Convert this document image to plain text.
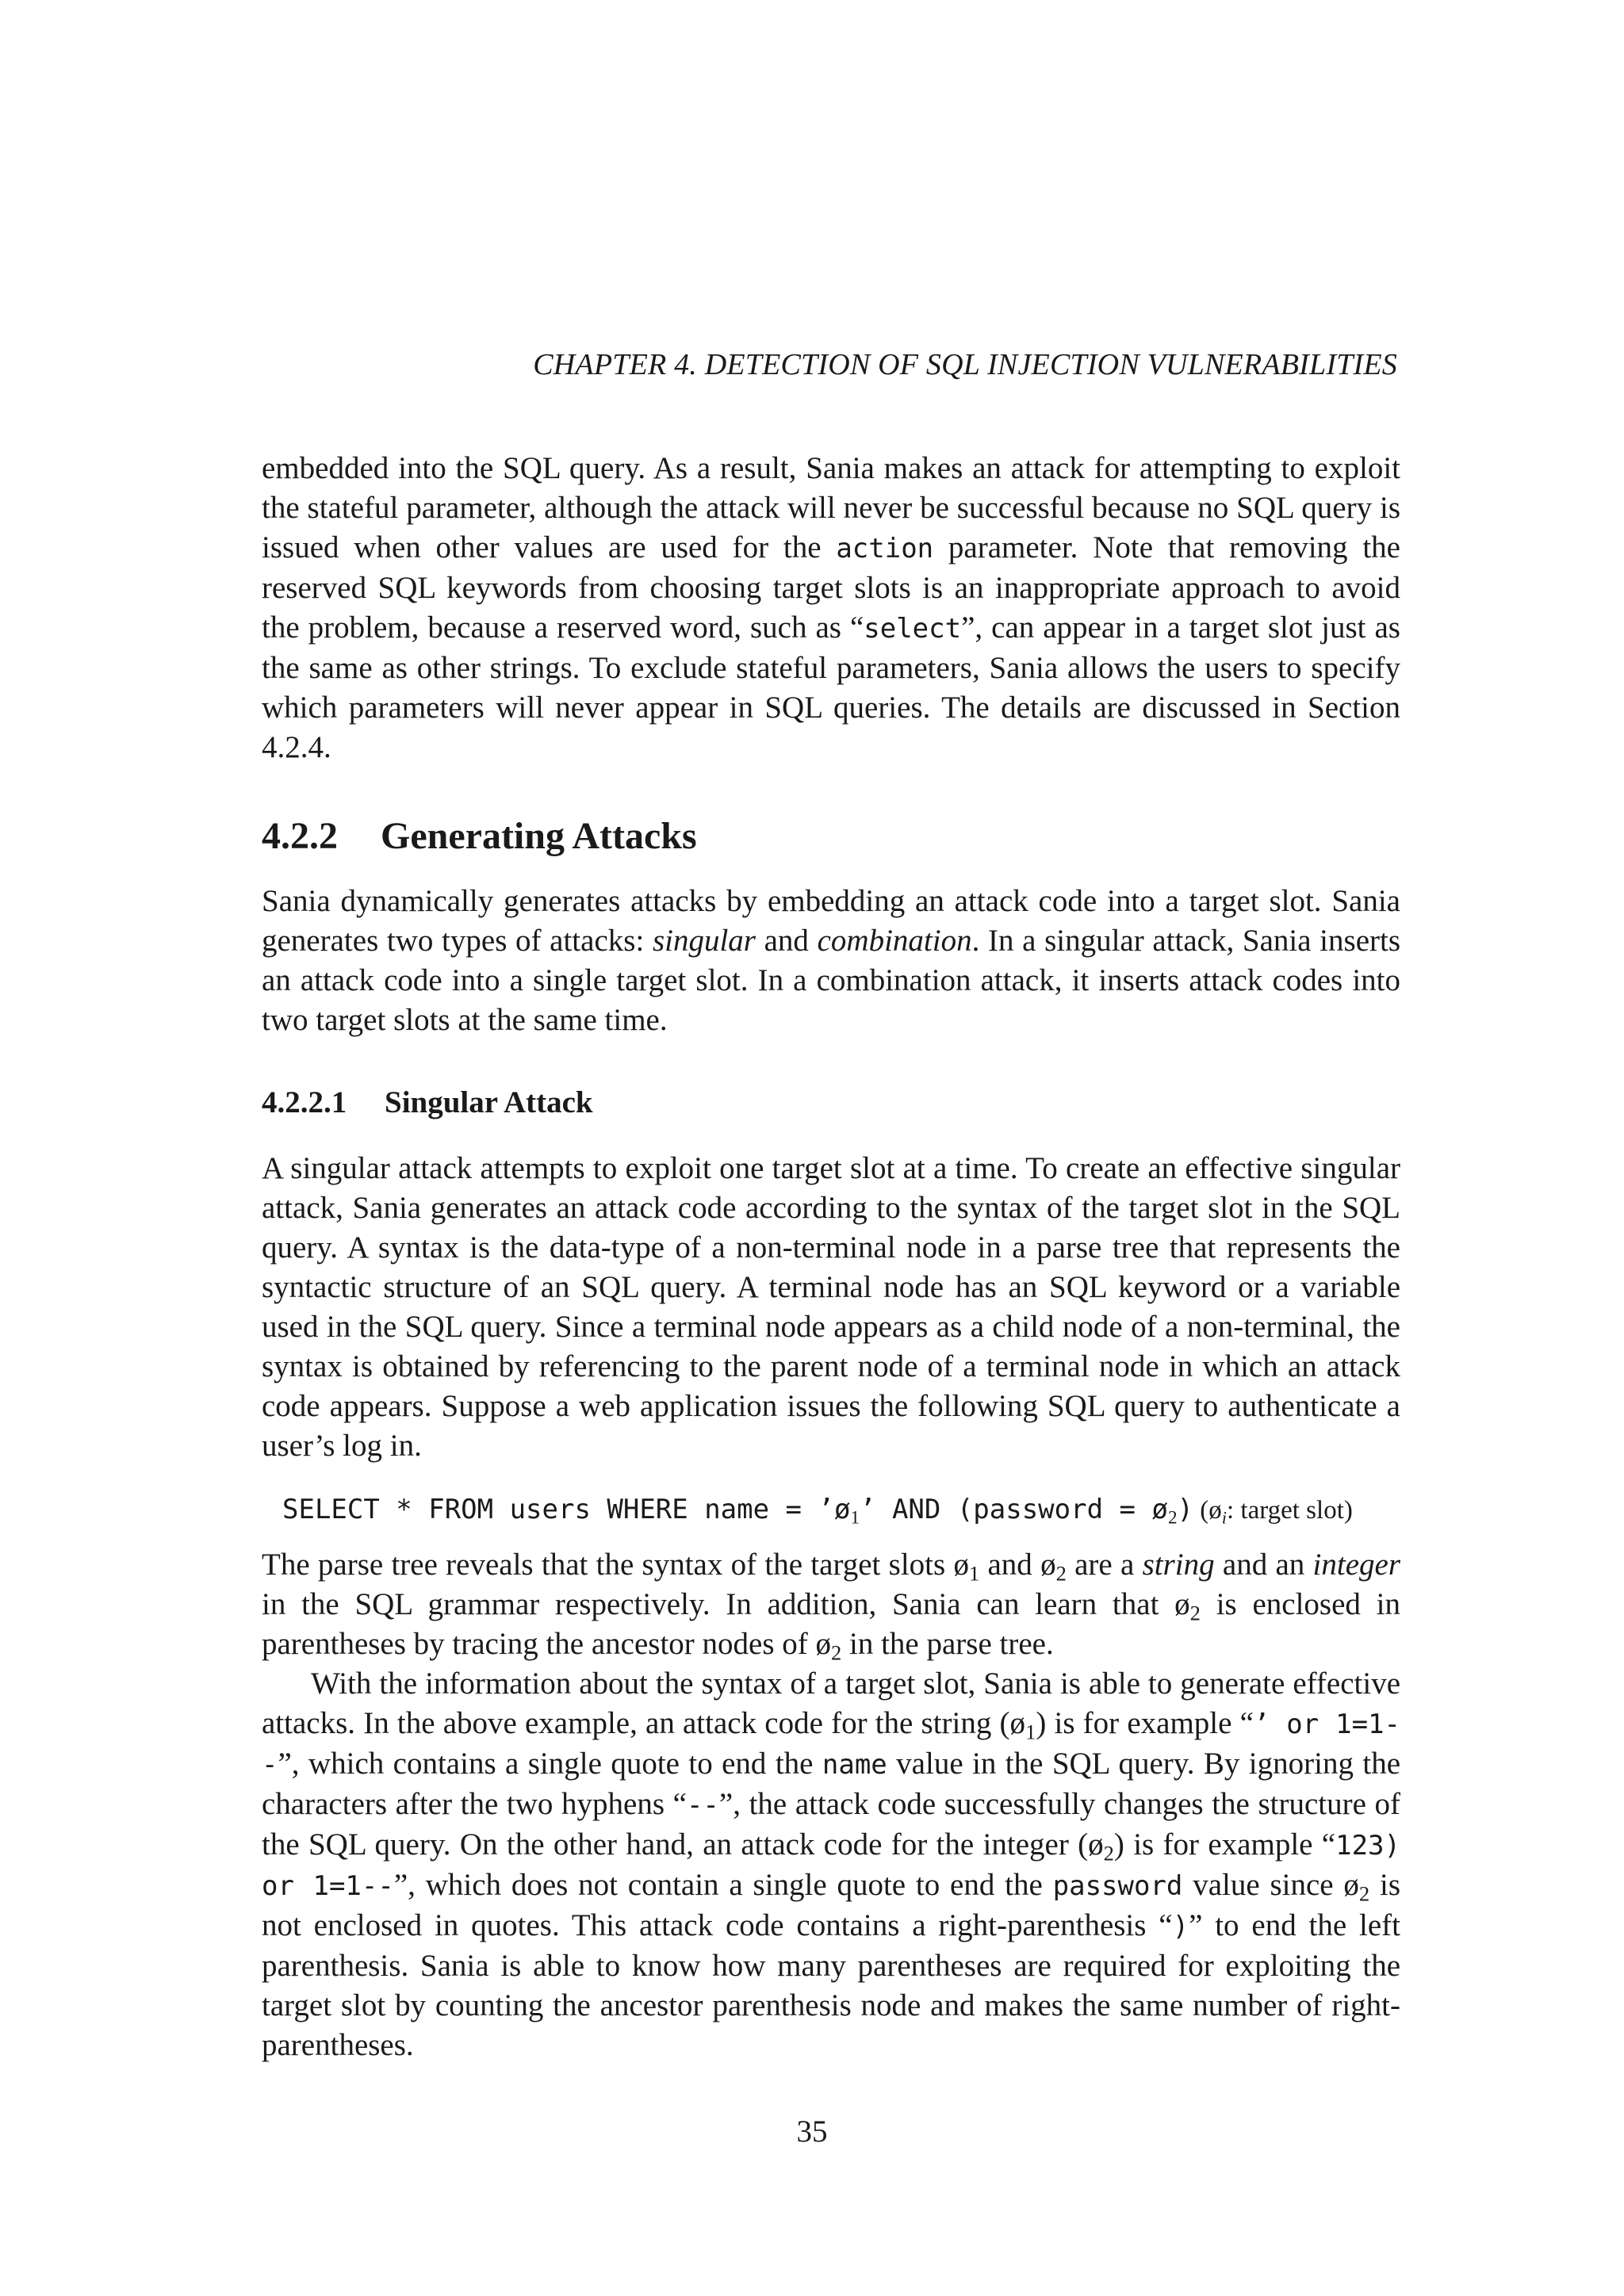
CHAPTER 4. DETECTION OF SQL INJECTION VULNERABILITIES

embedded into the SQL query. As a result, Sania makes an attack for attempting to exploit the stateful parameter, although the attack will never be successful because no SQL query is issued when other values are used for the action parameter. Note that removing the reserved SQL keywords from choosing target slots is an inappropriate approach to avoid the problem, because a reserved word, such as “select”, can appear in a target slot just as the same as other strings. To exclude stateful parameters, Sania allows the users to specify which parameters will never appear in SQL queries. The details are discussed in Section 4.2.4.

4.2.2 Generating Attacks

Sania dynamically generates attacks by embedding an attack code into a target slot. Sania generates two types of attacks: singular and combination. In a singular attack, Sania inserts an attack code into a single target slot. In a combination attack, it inserts attack codes into two target slots at the same time.

4.2.2.1 Singular Attack

A singular attack attempts to exploit one target slot at a time. To create an effective singular attack, Sania generates an attack code according to the syntax of the target slot in the SQL query. A syntax is the data-type of a non-terminal node in a parse tree that represents the syntactic structure of an SQL query. A terminal node has an SQL keyword or a variable used in the SQL query. Since a terminal node appears as a child node of a non-terminal, the syntax is obtained by referencing to the parent node of a terminal node in which an attack code appears. Suppose a web application issues the following SQL query to authenticate a user’s log in.

SELECT * FROM users WHERE name = $’ø_1$’ AND (password = $ø_2$) ($ø_i$: target slot)

The parse tree reveals that the syntax of the target slots $ø_1$ and $ø_2$ are a string and an integer in the SQL grammar respectively. In addition, Sania can learn that $ø_2$ is enclosed in parentheses by tracing the ancestor nodes of $ø_2$ in the parse tree.

With the information about the syntax of a target slot, Sania is able to generate effective attacks. In the above example, an attack code for the string $(ø_1)$ is for example “’ or 1=1--”, which contains a single quote to end the name value in the SQL query. By ignoring the characters after the two hyphens “--”, the attack code successfully changes the structure of the SQL query. On the other hand, an attack code for the integer $(ø_2)$ is for example “123) or 1=1--”, which does not contain a single quote to end the password value since $ø_2$ is not enclosed in quotes. This attack code contains a right-parenthesis “)” to end the left parenthesis. Sania is able to know how many parentheses are required for exploiting the target slot by counting the ancestor parenthesis node and makes the same number of right-parentheses.

35
